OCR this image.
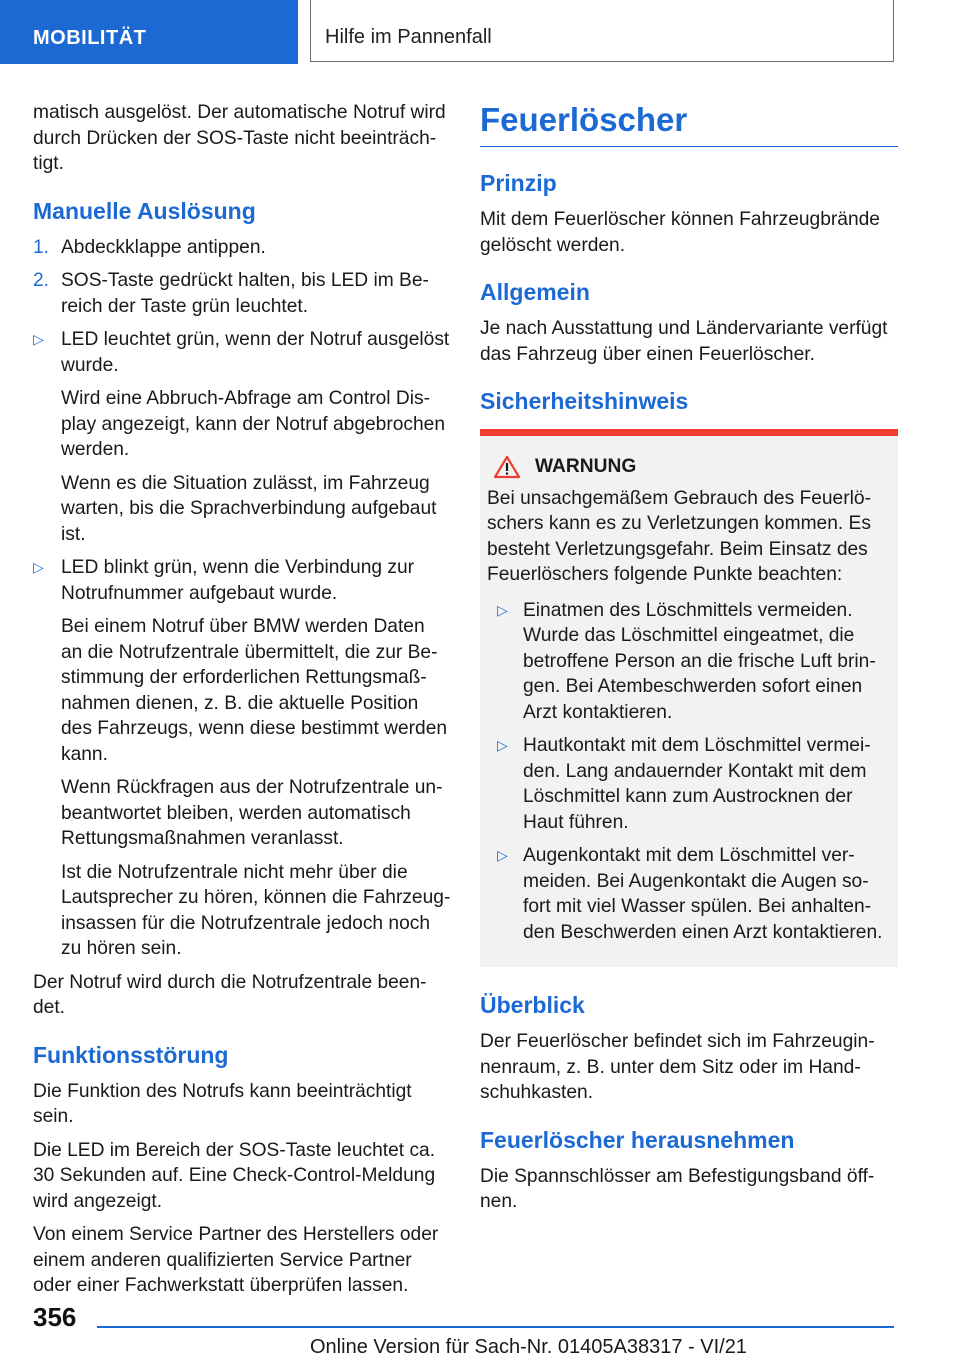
MOBILITÄT	Hilfe im Pannenfall

matisch ausgelöst. Der automatische Notruf wird durch Drücken der SOS-Taste nicht beeinträchtigt.

Manuelle Auslösung
1. Abdeckklappe antippen.
2. SOS-Taste gedrückt halten, bis LED im Bereich der Taste grün leuchtet.
▷ LED leuchtet grün, wenn der Notruf ausgelöst wurde.

Wird eine Abbruch-Abfrage am Control Display angezeigt, kann der Notruf abgebrochen werden.

Wenn es die Situation zulässt, im Fahrzeug warten, bis die Sprachverbindung aufgebaut ist.

▷ LED blinkt grün, wenn die Verbindung zur Notrufnummer aufgebaut wurde.

Bei einem Notruf über BMW werden Daten an die Notrufzentrale übermittelt, die zur Bestimmung der erforderlichen Rettungsmaßnahmen dienen, z. B. die aktuelle Position des Fahrzeugs, wenn diese bestimmt werden kann.

Wenn Rückfragen aus der Notrufzentrale unbeantwortet bleiben, werden automatisch Rettungsmaßnahmen veranlasst.

Ist die Notrufzentrale nicht mehr über die Lautsprecher zu hören, können die Fahrzeuginsassen für die Notrufzentrale jedoch noch zu hören sein.

Der Notruf wird durch die Notrufzentrale beendet.

Funktionsstörung

Die Funktion des Notrufs kann beeinträchtigt sein.

Die LED im Bereich der SOS-Taste leuchtet ca. 30 Sekunden auf. Eine Check-Control-Meldung wird angezeigt.

Von einem Service Partner des Herstellers oder einem anderen qualifizierten Service Partner oder einer Fachwerkstatt überprüfen lassen.

Feuerlöscher
Prinzip

Mit dem Feuerlöscher können Fahrzeugbrände gelöscht werden.

Allgemein

Je nach Ausstattung und Ländervariante verfügt das Fahrzeug über einen Feuerlöscher.

Sicherheitshinweis
WARNUNG

Bei unsachgemäßem Gebrauch des Feuerlöschers kann es zu Verletzungen kommen. Es besteht Verletzungsgefahr. Beim Einsatz des Feuerlöschers folgende Punkte beachten:

▷ Einatmen des Löschmittels vermeiden. Wurde das Löschmittel eingeatmet, die betroffene Person an die frische Luft bringen. Bei Atembeschwerden sofort einen Arzt kontaktieren.
▷ Hautkontakt mit dem Löschmittel vermeiden. Lang andauernder Kontakt mit dem Löschmittel kann zum Austrocknen der Haut führen.
▷ Augenkontakt mit dem Löschmittel vermeiden. Bei Augenkontakt die Augen sofort mit viel Wasser spülen. Bei anhaltenden Beschwerden einen Arzt kontaktieren.
Überblick

Der Feuerlöscher befindet sich im Fahrzeuginnenraum, z. B. unter dem Sitz oder im Handschuhkasten.

Feuerlöscher herausnehmen

Die Spannschlösser am Befestigungsband öffnen.

356
Online Version für Sach-Nr. 01405A38317 - VI/21
